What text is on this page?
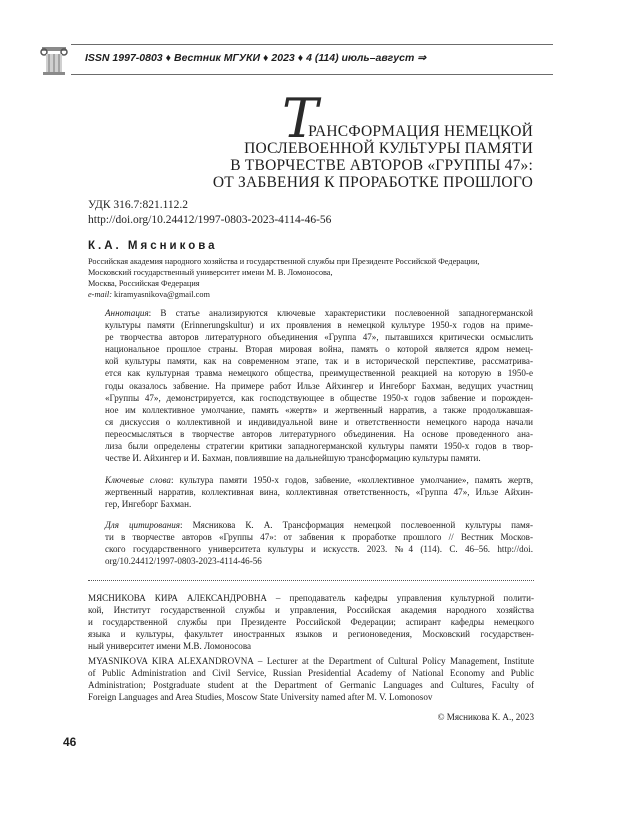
ISSN 1997-0803 ♦ Вестник МГУКИ ♦ 2023 ♦ 4 (114) июль–август ⇒
Т
РАНСФОРМАЦИЯ НЕМЕЦКОЙ
ПОСЛЕВОЕННОЙ КУЛЬТУРЫ ПАМЯТИ
В ТВОРЧЕСТВЕ АВТОРОВ «ГРУППЫ 47»:
ОТ ЗАБВЕНИЯ К ПРОРАБОТКЕ ПРОШЛОГО
УДК 316.7:821.112.2
http://doi.org/10.24412/1997-0803-2023-4114-46-56
К.А. Мясникова
Российская академия народного хозяйства и государственной службы при Президенте Российской Федерации,
Московский государственный университет имени М. В. Ломоносова,
Москва, Российская Федерация
e-mail: kiramyasnikova@gmail.com
Аннотация: В статье анализируются ключевые характеристики послевоенной западногерманской
культуры памяти (Erinnerungskultur) и их проявления в немецкой культуре 1950-х годов на приме-
ре творчества авторов литературного объединения «Группа 47», пытавшихся критически осмыслить
национальное прошлое страны. Вторая мировая война, память о которой является ядром немец-
кой культуры памяти, как на современном этапе, так и в исторической перспективе, рассматрива-
ется как культурная травма немецкого общества, преимущественной реакцией на которую в 1950-е
годы оказалось забвение. На примере работ Ильзе Айхингер и Ингеборг Бахман, ведущих участниц
«Группы 47», демонстрируется, как господствующее в обществе 1950-х годов забвение и порожден-
ное им коллективное умолчание, память «жертв» и жертвенный нарратив, а также продолжавшая-
ся дискуссия о коллективной и индивидуальной вине и ответственности немецкого народа начали
переосмысляться в творчестве авторов литературного объединения. На основе проведенного ана-
лиза были определены стратегии критики западногерманской культуры памяти 1950-х годов в твор-
честве И. Айхингер и И. Бахман, повлиявшие на дальнейшую трансформацию культуры памяти.
Ключевые слова: культура памяти 1950-х годов, забвение, «коллективное умолчание», память жертв,
жертвенный нарратив, коллективная вина, коллективная ответственность, «Группа 47», Ильзе Айхин-
гер, Ингеборг Бахман.
Для цитирования: Мясникова К. А. Трансформация немецкой послевоенной культуры памя-
ти в творчестве авторов «Группы 47»: от забвения к проработке прошлого // Вестник Москов-
ского государственного университета культуры и искусств. 2023. №4 (114). С. 46–56. http://doi.
org/10.24412/1997-0803-2023-4114-46-56
МЯСНИКОВА КИРА АЛЕКСАНДРОВНА – преподаватель кафедры управления культурной полити-
кой, Институт государственной службы и управления, Российская академия народного хозяйства
и государственной службы при Президенте Российской Федерации; аспирант кафедры немецкого
языка и культуры, факультет иностранных языков и регионоведения, Московский государствен-
ный университет имени М.В. Ломоносова
MYASNIKOVA KIRA ALEXANDROVNA – Lecturer at the Department of Cultural Policy Management, Institute
of Public Administration and Civil Service, Russian Presidential Academy of National Economy and Public
Administration; Postgraduate student at the Department of Germanic Languages and Cultures, Faculty of
Foreign Languages and Area Studies, Moscow State University named after M. V. Lomonosov
© Мясникова К. А., 2023
46
